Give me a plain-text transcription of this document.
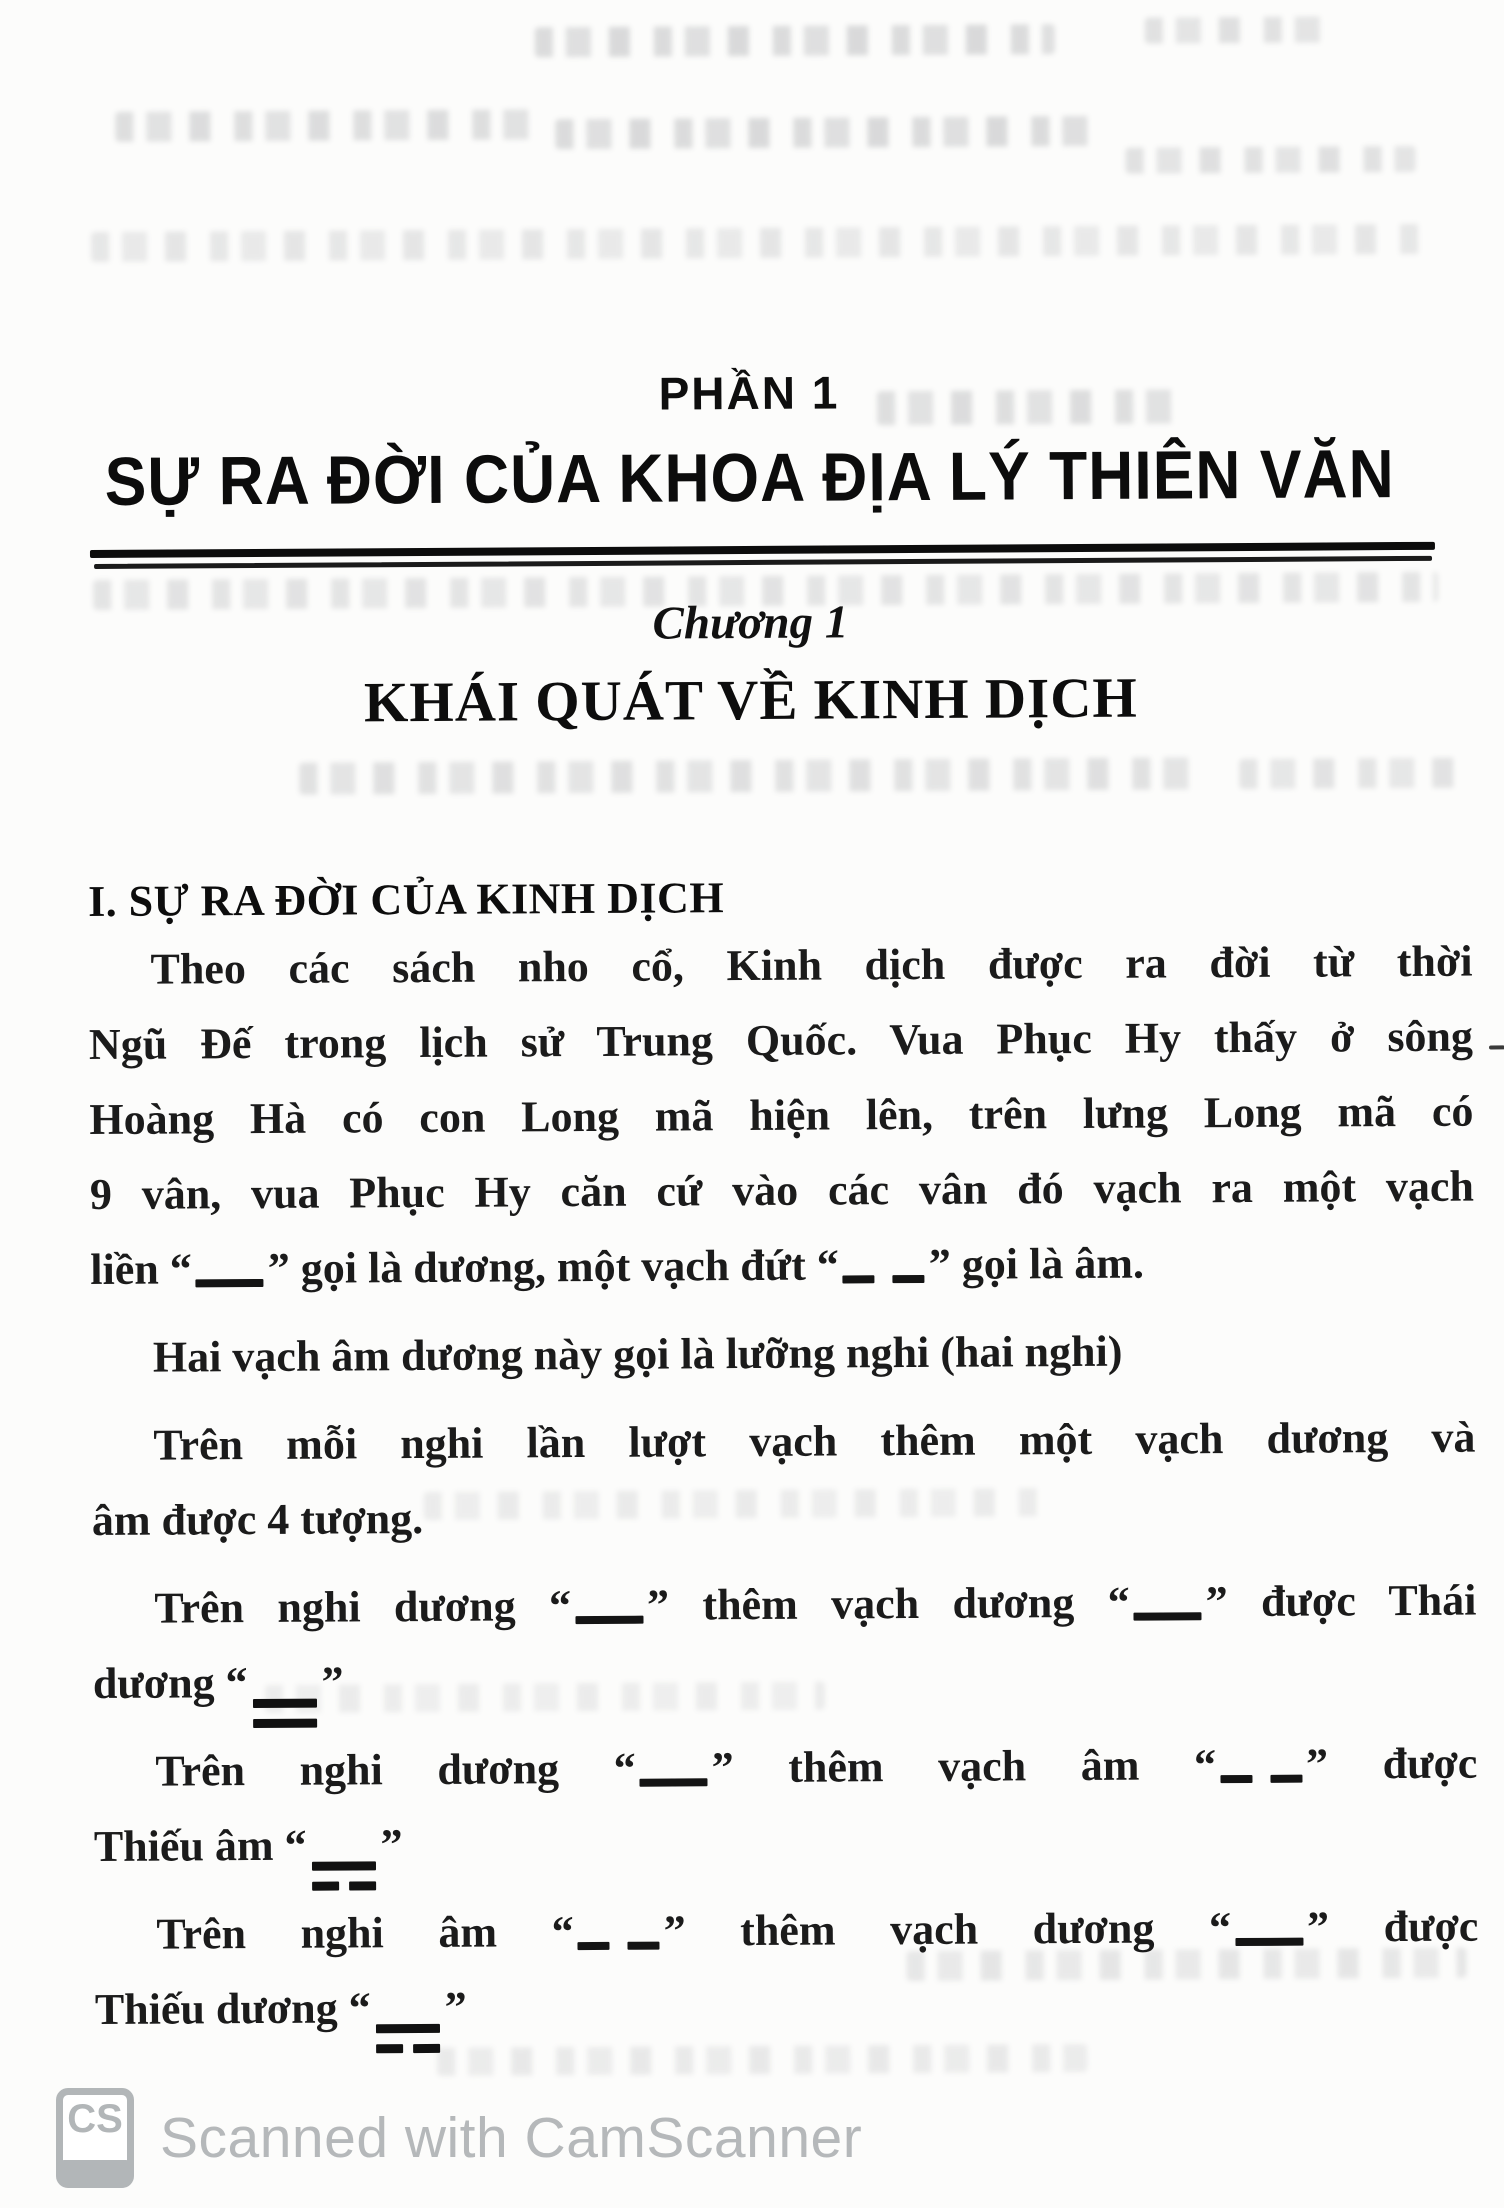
PHẦN 1
SỰ RA ĐỜI CỦA KHOA ĐỊA LÝ THIÊN VĂN
Chương 1
KHÁI QUÁT VỀ KINH DỊCH
I. SỰ RA ĐỜI CỦA KINH DỊCH
Theo các sách nho cổ, Kinh dịch được ra đời từ thời
Ngũ Đế trong lịch sử Trung Quốc. Vua Phục Hy thấy ở sông
Hoàng Hà có con Long mã hiện lên, trên lưng Long mã có
9 vân, vua Phục Hy căn cứ vào các vân đó vạch ra một vạch
liền “ ” gọi là dương, một vạch đứt “ ” gọi là âm.
Hai vạch âm dương này gọi là lưỡng nghi (hai nghi)
Trên mỗi nghi lần lượt vạch thêm một vạch dương và
âm được 4 tượng.
Trên nghi dương “ ” thêm vạch dương “ ” được Thái
dương “ ”
Trên nghi dương “ ” thêm vạch âm “ ” được
Thiếu âm “ ”
Trên nghi âm “ ” thêm vạch dương “ ” được
Thiếu dương “ ”
CS Scanned with CamScanner
